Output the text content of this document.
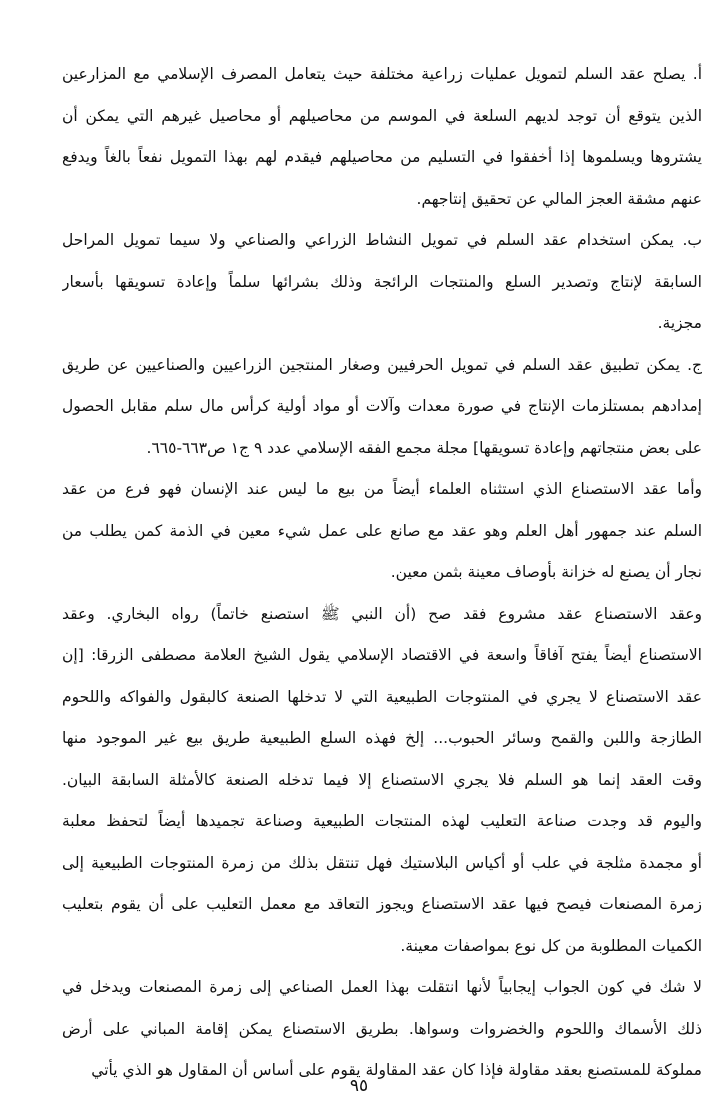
أ. يصلح عقد السلم لتمويل عمليات زراعية مختلفة حيث يتعامل المصرف الإسلامي مع المزارعين
الذين يتوقع أن توجد لديهم السلعة في الموسم من محاصيلهم أو محاصيل غيرهم التي يمكن أن
يشتروها ويسلموها إذا أخفقوا في التسليم من محاصيلهم فيقدم لهم بهذا التمويل نفعاً بالغاً ويدفع
عنهم مشقة العجز المالي عن تحقيق إنتاجهم.
ب. يمكن استخدام عقد السلم في تمويل النشاط الزراعي والصناعي ولا سيما تمويل المراحل
السابقة لإنتاج وتصدير السلع والمنتجات الرائجة وذلك بشرائها سلماً وإعادة تسويقها بأسعار
مجزية.
ج. يمكن تطبيق عقد السلم في تمويل الحرفيين وصغار المنتجين الزراعيين والصناعيين عن طريق
إمدادهم بمستلزمات الإنتاج في صورة معدات وآلات أو مواد أولية كرأس مال سلم مقابل الحصول
على بعض منتجاتهم وإعادة تسويقها] مجلة مجمع الفقه الإسلامي عدد ٩ ج١ ص٦٦٣-٦٦٥.
وأما عقد الاستصناع الذي استثناه العلماء أيضاً من بيع ما ليس عند الإنسان فهو فرع من عقد
السلم عند جمهور أهل العلم وهو عقد مع صانع على عمل شيء معين في الذمة كمن يطلب من
نجار أن يصنع له خزانة بأوصاف معينة بثمن معين.
وعقد الاستصناع عقد مشروع فقد صح (أن النبي ﷺ استصنع خاتماً) رواه البخاري. وعقد
الاستصناع أيضاً يفتح آفاقاً واسعة في الاقتصاد الإسلامي يقول الشيخ العلامة مصطفى الزرقا: [إن
عقد الاستصناع لا يجري في المنتوجات الطبيعية التي لا تدخلها الصنعة كالبقول والفواكه واللحوم
الطازجة واللبن والقمح وسائر الحبوب... إلخ فهذه السلع الطبيعية طريق بيع غير الموجود منها
وقت العقد إنما هو السلم فلا يجري الاستصناع إلا فيما تدخله الصنعة كالأمثلة السابقة البيان.
واليوم قد وجدت صناعة التعليب لهذه المنتجات الطبيعية وصناعة تجميدها أيضاً لتحفظ معلبة
أو مجمدة مثلجة في علب أو أكياس البلاستيك فهل تنتقل بذلك من زمرة المنتوجات الطبيعية إلى
زمرة المصنعات فيصح فيها عقد الاستصناع ويجوز التعاقد مع معمل التعليب على أن يقوم بتعليب
الكميات المطلوبة من كل نوع بمواصفات معينة.
لا شك في كون الجواب إيجابياً لأنها انتقلت بهذا العمل الصناعي إلى زمرة المصنعات ويدخل في
ذلك الأسماك واللحوم والخضروات وسواها. بطريق الاستصناع يمكن إقامة المباني على أرض
مملوكة للمستصنع بعقد مقاولة فإذا كان عقد المقاولة يقوم على أساس أن المقاول هو الذي يأتي
٩٥
